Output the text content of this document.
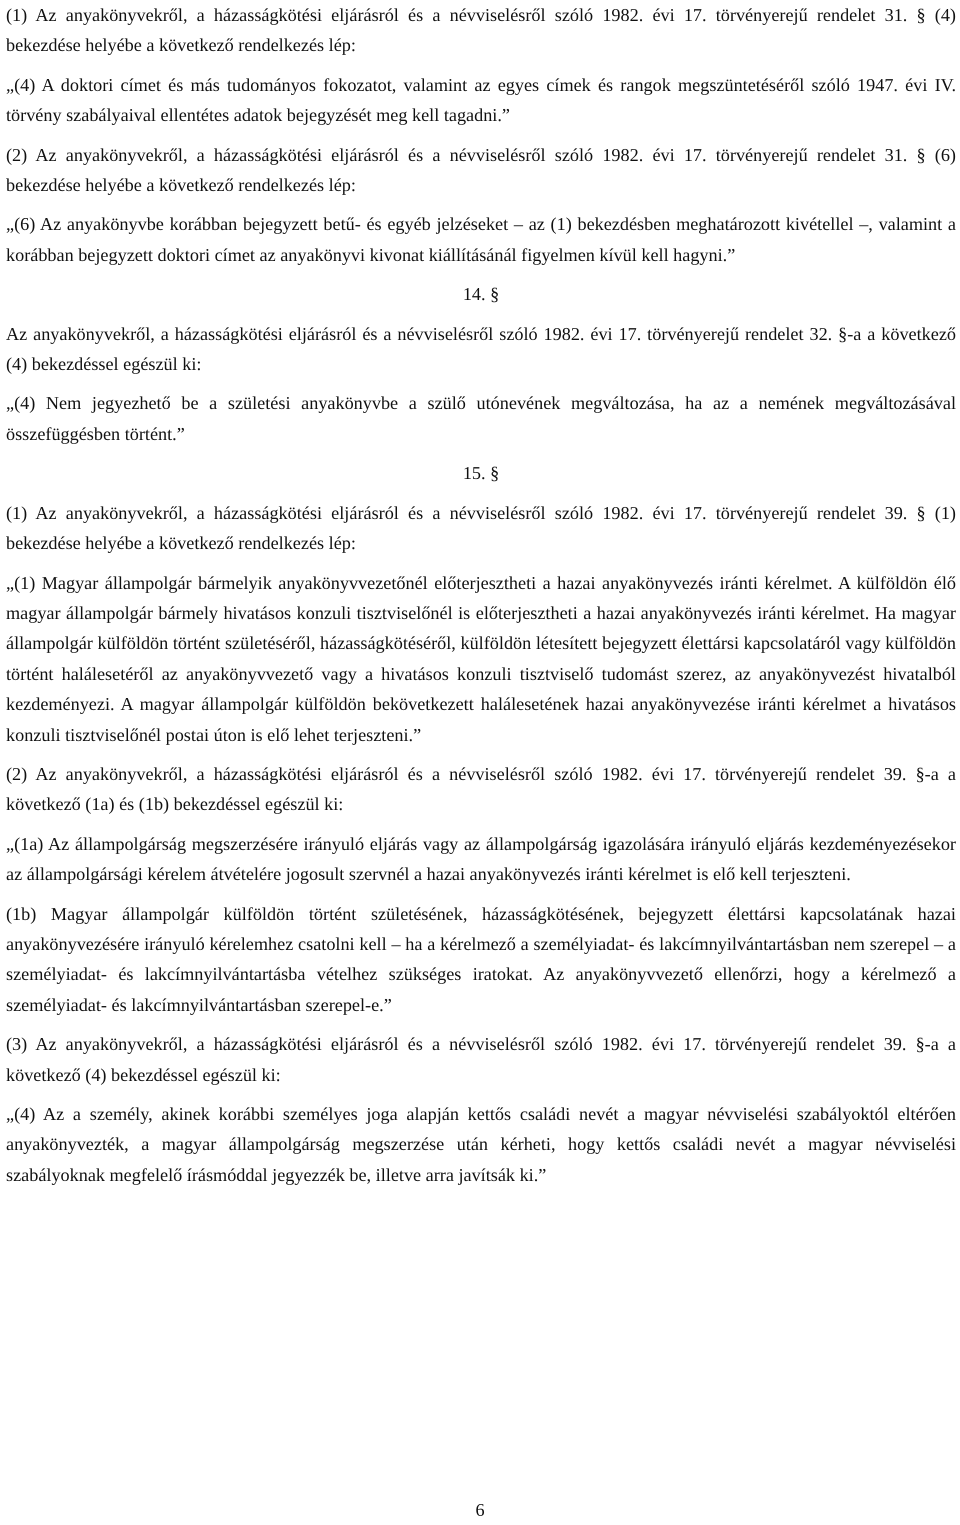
(1) Az anyakönyvekről, a házasságkötési eljárásról és a névviselésről szóló 1982. évi 17. törvényerejű rendelet 31. § (4) bekezdése helyébe a következő rendelkezés lép:

„(4) A doktori címet és más tudományos fokozatot, valamint az egyes címek és rangok megszüntetéséről szóló 1947. évi IV. törvény szabályaival ellentétes adatok bejegyzését meg kell tagadni.”

(2) Az anyakönyvekről, a házasságkötési eljárásról és a névviselésről szóló 1982. évi 17. törvényerejű rendelet 31. § (6) bekezdése helyébe a következő rendelkezés lép:

„(6) Az anyakönyvbe korábban bejegyzett betű- és egyéb jelzéseket – az (1) bekezdésben meghatározott kivétellel –, valamint a korábban bejegyzett doktori címet az anyakönyvi kivonat kiállításánál figyelmen kívül kell hagyni.”

14. §

Az anyakönyvekről, a házasságkötési eljárásról és a névviselésről szóló 1982. évi 17. törvényerejű rendelet 32. §-a a következő (4) bekezdéssel egészül ki:

„(4) Nem jegyezhető be a születési anyakönyvbe a szülő utónevének megváltozása, ha az a nemének megváltozásával összefüggésben történt.”

15. §

(1) Az anyakönyvekről, a házasságkötési eljárásról és a névviselésről szóló 1982. évi 17. törvényerejű rendelet 39. § (1) bekezdése helyébe a következő rendelkezés lép:

„(1) Magyar állampolgár bármelyik anyakönyvvezetőnél előterjesztheti a hazai anyakönyvezés iránti kérelmet. A külföldön élő magyar állampolgár bármely hivatásos konzuli tisztviselőnél is előterjesztheti a hazai anyakönyvezés iránti kérelmet. Ha magyar állampolgár külföldön történt születéséről, házasságkötéséről, külföldön létesített bejegyzett élettársi kapcsolatáról vagy külföldön történt halálesetéről az anyakönyvvezető vagy a hivatásos konzuli tisztviselő tudomást szerez, az anyakönyvezést hivatalból kezdeményezi. A magyar állampolgár külföldön bekövetkezett halálesetének hazai anyakönyvezése iránti kérelmet a hivatásos konzuli tisztviselőnél postai úton is elő lehet terjeszteni.”

(2) Az anyakönyvekről, a házasságkötési eljárásról és a névviselésről szóló 1982. évi 17. törvényerejű rendelet 39. §-a a következő (1a) és (1b) bekezdéssel egészül ki:

„(1a) Az állampolgárság megszerzésére irányuló eljárás vagy az állampolgárság igazolására irányuló eljárás kezdeményezésekor az állampolgársági kérelem átvételére jogosult szervnél a hazai anyakönyvezés iránti kérelmet is elő kell terjeszteni.

(1b) Magyar állampolgár külföldön történt születésének, házasságkötésének, bejegyzett élettársi kapcsolatának hazai anyakönyvezésére irányuló kérelemhez csatolni kell – ha a kérelmező a személyiadat- és lakcímnyilvántartásban nem szerepel – a személyiadat- és lakcímnyilvántartásba vételhez szükséges iratokat. Az anyakönyvvezető ellenőrzi, hogy a kérelmező a személyiadat- és lakcímnyilvántartásban szerepel-e.”

(3) Az anyakönyvekről, a házasságkötési eljárásról és a névviselésről szóló 1982. évi 17. törvényerejű rendelet 39. §-a a következő (4) bekezdéssel egészül ki:

„(4) Az a személy, akinek korábbi személyes joga alapján kettős családi nevét a magyar névviselési szabályoktól eltérően anyakönyvezték, a magyar állampolgárság megszerzése után kérheti, hogy kettős családi nevét a magyar névviselési szabályoknak megfelelő írásmóddal jegyezzék be, illetve arra javítsák ki.”

6
